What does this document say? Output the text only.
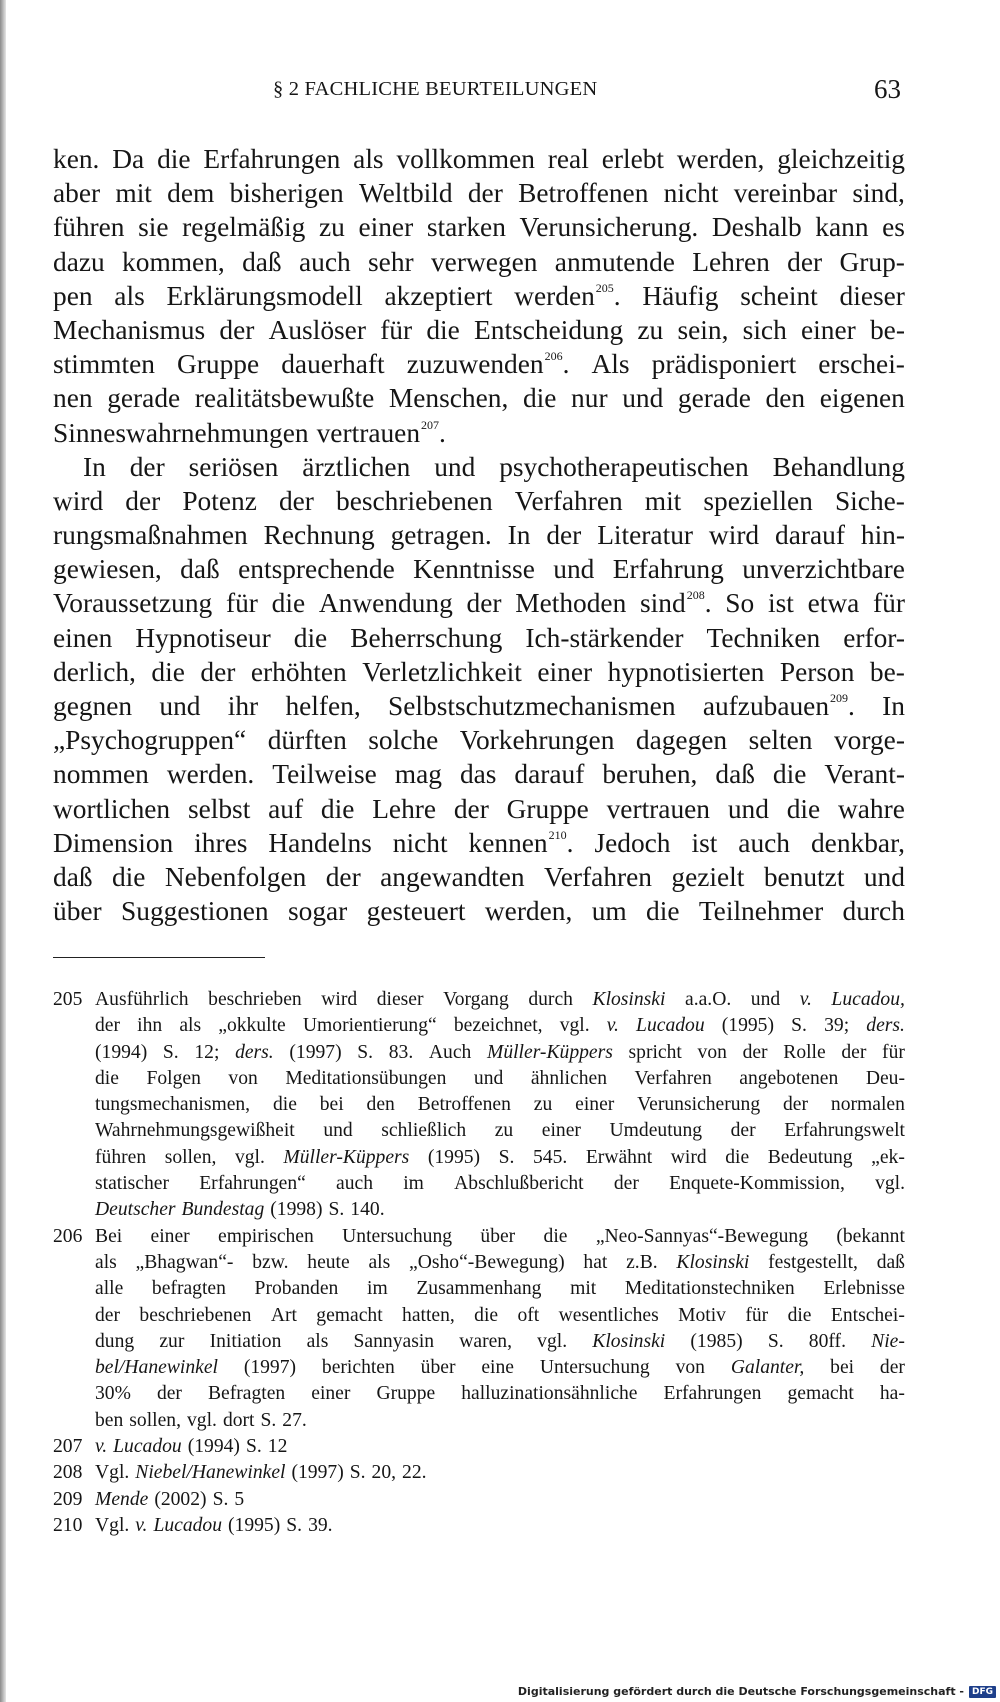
§ 2 FACHLICHE BEURTEILUNGEN	63
ken. Da die Erfahrungen als vollkommen real erlebt werden, gleichzeitig
aber mit dem bisherigen Weltbild der Betroffenen nicht vereinbar sind,
führen sie regelmäßig zu einer starken Verunsicherung. Deshalb kann es
dazu kommen, daß auch sehr verwegen anmutende Lehren der Grup-
pen als Erklärungsmodell akzeptiert werden$^{205}$. Häufig scheint dieser
Mechanismus der Auslöser für die Entscheidung zu sein, sich einer be-
stimmten Gruppe dauerhaft zuzuwenden$^{206}$. Als prädisponiert erschei-
nen gerade realitätsbewußte Menschen, die nur und gerade den eigenen
Sinneswahrnehmungen vertrauen$^{207}$.
In der seriösen ärztlichen und psychotherapeutischen Behandlung
wird der Potenz der beschriebenen Verfahren mit speziellen Siche-
rungsmaßnahmen Rechnung getragen. In der Literatur wird darauf hin-
gewiesen, daß entsprechende Kenntnisse und Erfahrung unverzichtbare
Voraussetzung für die Anwendung der Methoden sind$^{208}$. So ist etwa für
einen Hypnotiseur die Beherrschung Ich-stärkender Techniken erfor-
derlich, die der erhöhten Verletzlichkeit einer hypnotisierten Person be-
gegnen und ihr helfen, Selbstschutzmechanismen aufzubauen$^{209}$. In
„Psychogruppen“ dürften solche Vorkehrungen dagegen selten vorge-
nommen werden. Teilweise mag das darauf beruhen, daß die Verant-
wortlichen selbst auf die Lehre der Gruppe vertrauen und die wahre
Dimension ihres Handelns nicht kennen$^{210}$. Jedoch ist auch denkbar,
daß die Nebenfolgen der angewandten Verfahren gezielt benutzt und
über Suggestionen sogar gesteuert werden, um die Teilnehmer durch
205 Ausführlich beschrieben wird dieser Vorgang durch Klosinski a.a.O. und v. Lucadou,
der ihn als „okkulte Umorientierung“ bezeichnet, vgl. v. Lucadou (1995) S. 39; ders.
(1994) S. 12; ders. (1997) S. 83. Auch Müller-Küppers spricht von der Rolle der für
die Folgen von Meditationsübungen und ähnlichen Verfahren angebotenen Deu-
tungsmechanismen, die bei den Betroffenen zu einer Verunsicherung der normalen
Wahrnehmungsgewißheit und schließlich zu einer Umdeutung der Erfahrungswelt
führen sollen, vgl. Müller-Küppers (1995) S. 545. Erwähnt wird die Bedeutung „ek-
statischer Erfahrungen“ auch im Abschlußbericht der Enquete-Kommission, vgl.
Deutscher Bundestag (1998) S. 140.
206 Bei einer empirischen Untersuchung über die „Neo-Sannyas“-Bewegung (bekannt
als „Bhagwan“- bzw. heute als „Osho“-Bewegung) hat z.B. Klosinski festgestellt, daß
alle befragten Probanden im Zusammenhang mit Meditationstechniken Erlebnisse
der beschriebenen Art gemacht hatten, die oft wesentliches Motiv für die Entschei-
dung zur Initiation als Sannyasin waren, vgl. Klosinski (1985) S. 80ff. Nie-
bel/Hanewinkel (1997) berichten über eine Untersuchung von Galanter, bei der
30% der Befragten einer Gruppe halluzinationsähnliche Erfahrungen gemacht ha-
ben sollen, vgl. dort S. 27.
207 v. Lucadou (1994) S. 12
208 Vgl. Niebel/Hanewinkel (1997) S. 20, 22.
209 Mende (2002) S. 5
210 Vgl. v. Lucadou (1995) S. 39.
Digitalisierung gefördert durch die Deutsche Forschungsgemeinschaft - DFG
